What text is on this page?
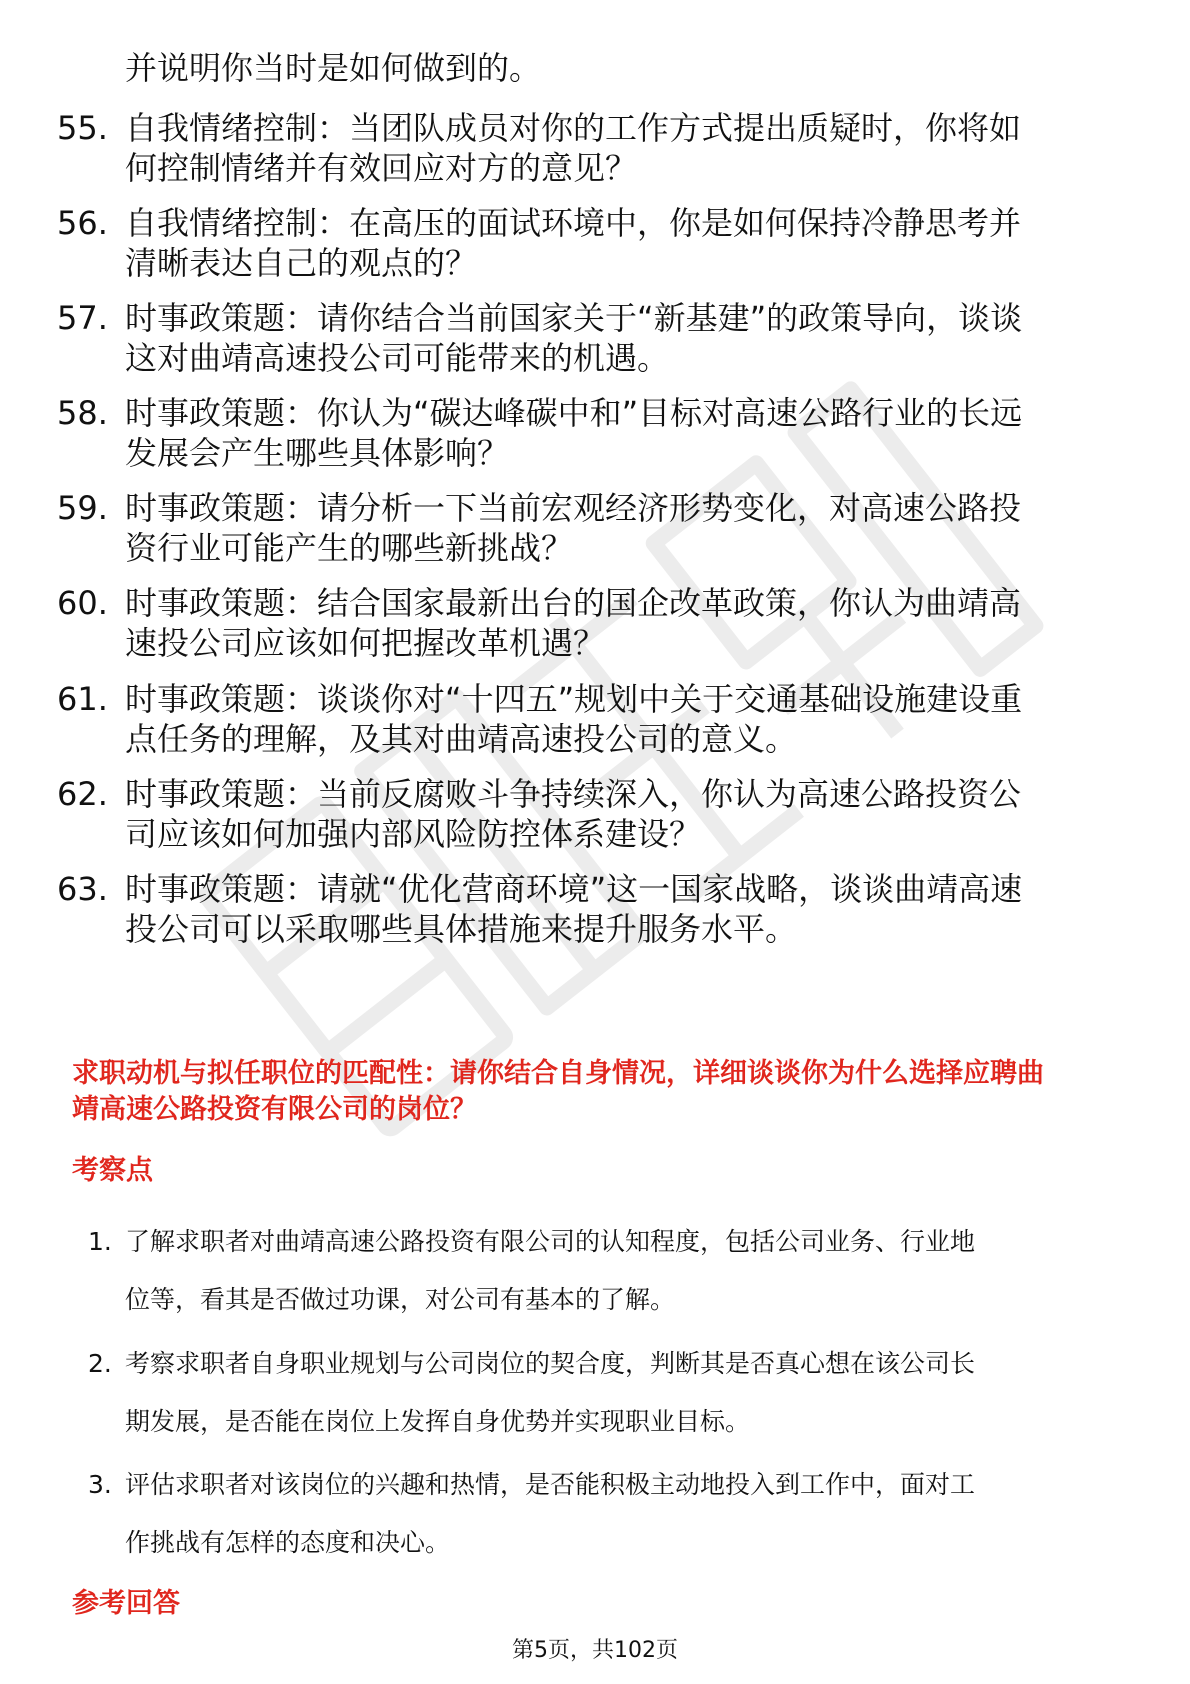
并说明你当时是如何做到的。
55. 自我情绪控制：当团队成员对你的工作方式提出质疑时，你将如
何控制情绪并有效回应对方的意见？
56. 自我情绪控制：在高压的面试环境中，你是如何保持冷静思考并
清晰表达自己的观点的？
57. 时事政策题：请你结合当前国家关于“新基建”的政策导向，谈谈
这对曲靖高速投公司可能带来的机遇。
58. 时事政策题：你认为“碳达峰碳中和”目标对高速公路行业的长远
发展会产生哪些具体影响？
59. 时事政策题：请分析一下当前宏观经济形势变化，对高速公路投
资行业可能产生的哪些新挑战？
60. 时事政策题：结合国家最新出台的国企改革政策，你认为曲靖高
速投公司应该如何把握改革机遇？
61. 时事政策题：谈谈你对“十四五”规划中关于交通基础设施建设重
点任务的理解，及其对曲靖高速投公司的意义。
62. 时事政策题：当前反腐败斗争持续深入，你认为高速公路投资公
司应该如何加强内部风险防控体系建设？
63. 时事政策题：请就“优化营商环境”这一国家战略，谈谈曲靖高速
投公司可以采取哪些具体措施来提升服务水平。
求职动机与拟任职位的匹配性：请你结合自身情况，详细谈谈你为什么选择应聘曲
靖高速公路投资有限公司的岗位？
考察点
1. 了解求职者对曲靖高速公路投资有限公司的认知程度，包括公司业务、行业地
位等，看其是否做过功课，对公司有基本的了解。
2. 考察求职者自身职业规划与公司岗位的契合度，判断其是否真心想在该公司长
期发展，是否能在岗位上发挥自身优势并实现职业目标。
3. 评估求职者对该岗位的兴趣和热情，是否能积极主动地投入到工作中，面对工
作挑战有怎样的态度和决心。
参考回答
第5页，共102页
